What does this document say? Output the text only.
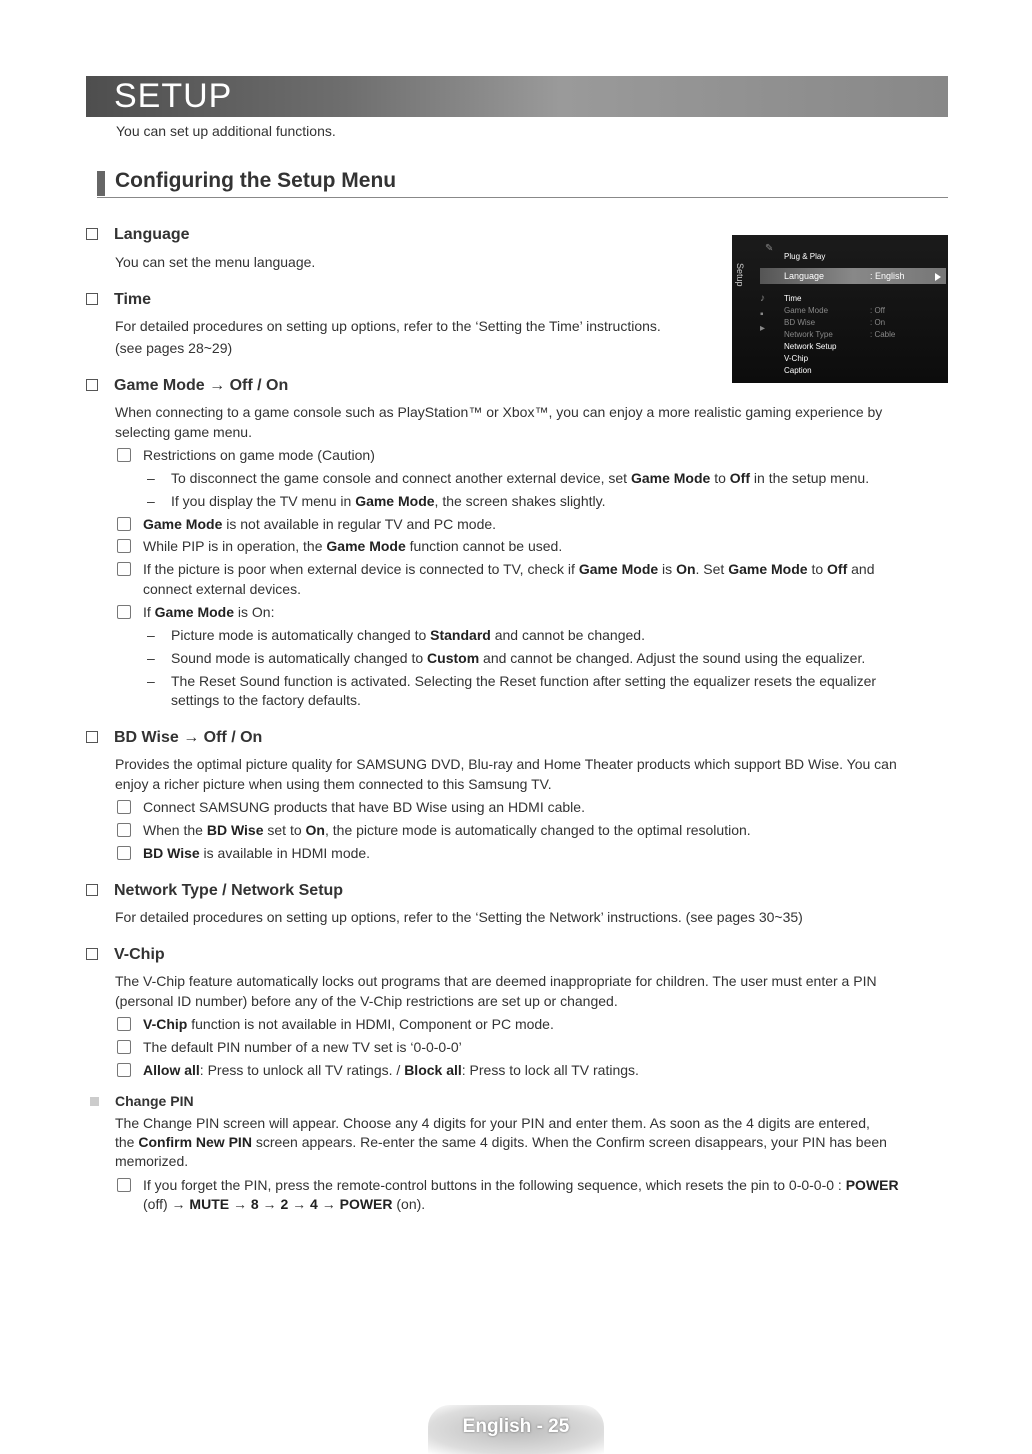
SETUP
You can set up additional functions.
Configuring the Setup Menu
Setup
✎
♪
▪
▸
Plug & Play
Language	: English
Time
Game Mode	: Off
BD Wise	: On
Network Type	: Cable
Network Setup
V-Chip
Caption
Language
You can set the menu language.
Time
For detailed procedures on setting up options, refer to the ‘Setting the Time’ instructions.
(see pages 28~29)
Game Mode → Off / On
When connecting to a game console such as PlayStation™ or Xbox™, you can enjoy a more realistic gaming experience by
selecting game menu.
Restrictions on game mode (Caution)
– To disconnect the game console and connect another external device, set Game Mode to Off in the setup menu.
– If you display the TV menu in Game Mode, the screen shakes slightly.
Game Mode is not available in regular TV and PC mode.
While PIP is in operation, the Game Mode function cannot be used.
If the picture is poor when external device is connected to TV, check if Game Mode is On. Set Game Mode to Off and
connect external devices.
If Game Mode is On:
– Picture mode is automatically changed to Standard and cannot be changed.
– Sound mode is automatically changed to Custom and cannot be changed. Adjust the sound using the equalizer.
– The Reset Sound function is activated. Selecting the Reset function after setting the equalizer resets the equalizer
settings to the factory defaults.
BD Wise → Off / On
Provides the optimal picture quality for SAMSUNG DVD, Blu-ray and Home Theater products which support BD Wise. You can
enjoy a richer picture when using them connected to this Samsung TV.
Connect SAMSUNG products that have BD Wise using an HDMI cable.
When the BD Wise set to On, the picture mode is automatically changed to the optimal resolution.
BD Wise is available in HDMI mode.
Network Type / Network Setup
For detailed procedures on setting up options, refer to the ‘Setting the Network’ instructions. (see pages 30~35)
V-Chip
The V-Chip feature automatically locks out programs that are deemed inappropriate for children. The user must enter a PIN
(personal ID number) before any of the V-Chip restrictions are set up or changed.
V-Chip function is not available in HDMI, Component or PC mode.
The default PIN number of a new TV set is ‘0-0-0-0’
Allow all: Press to unlock all TV ratings. / Block all: Press to lock all TV ratings.
Change PIN
The Change PIN screen will appear. Choose any 4 digits for your PIN and enter them. As soon as the 4 digits are entered,
the Confirm New PIN screen appears. Re-enter the same 4 digits. When the Confirm screen disappears, your PIN has been
memorized.
If you forget the PIN, press the remote-control buttons in the following sequence, which resets the pin to 0-0-0-0 : POWER
(off) → MUTE → 8 → 2 → 4 → POWER (on).
English - 25
